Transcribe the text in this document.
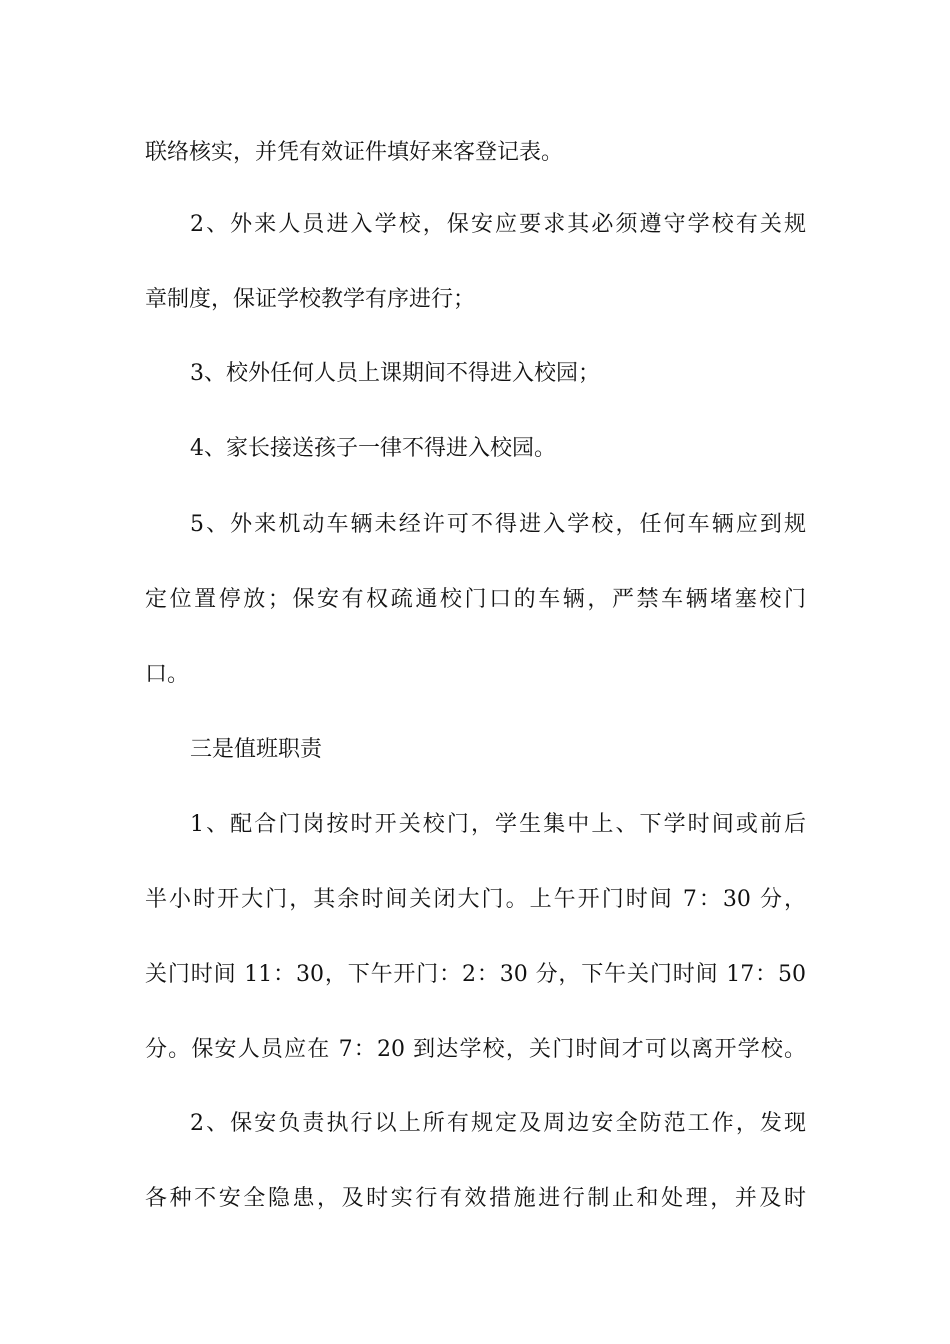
联络核实，并凭有效证件填好来客登记表。

2、外来人员进入学校，保安应要求其必须遵守学校有关规

章制度，保证学校教学有序进行；

3、校外任何人员上课期间不得进入校园；

4、家长接送孩子一律不得进入校园。

5、外来机动车辆未经许可不得进入学校，任何车辆应到规

定位置停放；保安有权疏通校门口的车辆，严禁车辆堵塞校门

口。

三是值班职责

1、配合门岗按时开关校门，学生集中上、下学时间或前后

半小时开大门，其余时间关闭大门。上午开门时间 7：30 分，

关门时间 11：30，下午开门：2：30 分，下午关门时间 17：50

分。保安人员应在 7：20 到达学校，关门时间才可以离开学校。

2、保安负责执行以上所有规定及周边安全防范工作，发现

各种不安全隐患，及时实行有效措施进行制止和处理，并及时
